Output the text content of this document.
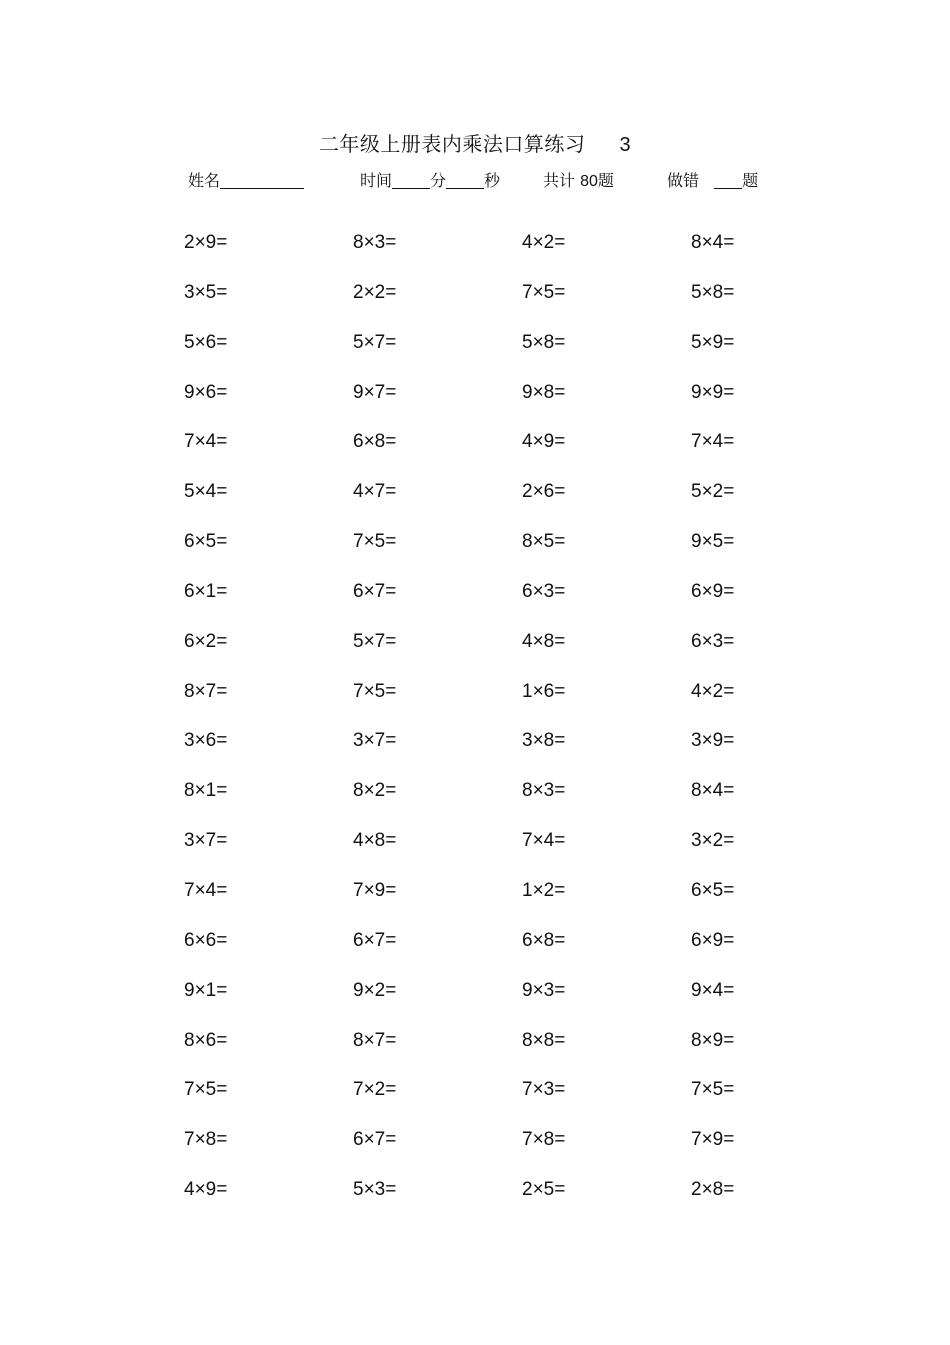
二年级上册表内乘法口算练习 3
姓名	时间 分 秒	共计 80题	做错	题
2×9=	8×3=	4×2=	8×4=
3×5=	2×2=	7×5=	5×8=
5×6=	5×7=	5×8=	5×9=
9×6=	9×7=	9×8=	9×9=
7×4=	6×8=	4×9=	7×4=
5×4=	4×7=	2×6=	5×2=
6×5=	7×5=	8×5=	9×5=
6×1=	6×7=	6×3=	6×9=
6×2=	5×7=	4×8=	6×3=
8×7=	7×5=	1×6=	4×2=
3×6=	3×7=	3×8=	3×9=
8×1=	8×2=	8×3=	8×4=
3×7=	4×8=	7×4=	3×2=
7×4=	7×9=	1×2=	6×5=
6×6=	6×7=	6×8=	6×9=
9×1=	9×2=	9×3=	9×4=
8×6=	8×7=	8×8=	8×9=
7×5=	7×2=	7×3=	7×5=
7×8=	6×7=	7×8=	7×9=
4×9=	5×3=	2×5=	2×8=
